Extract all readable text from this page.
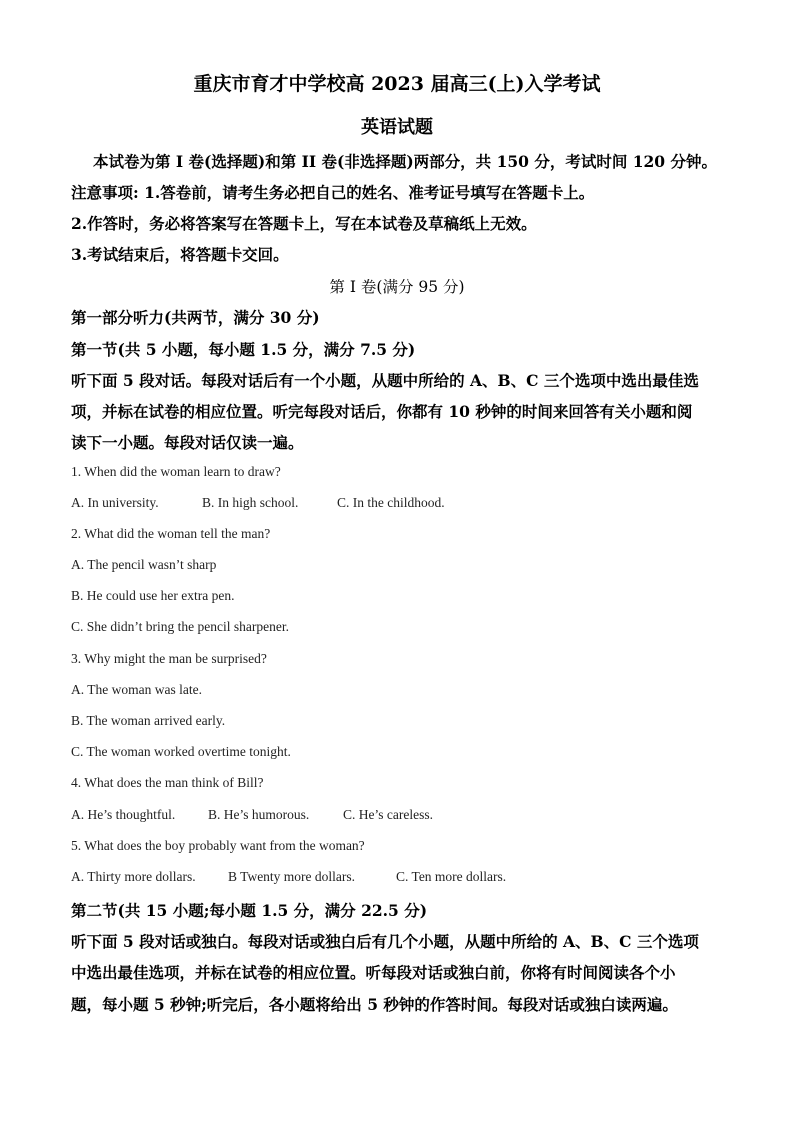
重庆市育才中学校高 2023 届高三(上)入学考试
英语试题
本试卷为第 I 卷(选择题)和第 II 卷(非选择题)两部分，共 150 分，考试时间 120 分钟。
注意事项: 1.答卷前，请考生务必把自己的姓名、准考证号填写在答题卡上。
2.作答时，务必将答案写在答题卡上，写在本试卷及草稿纸上无效。
3.考试结束后，将答题卡交回。
第 I 卷(满分 95 分)
第一部分听力(共两节，满分 30 分)
第一节(共 5 小题，每小题 1.5 分，满分 7.5 分)
听下面 5 段对话。每段对话后有一个小题，从题中所给的 A、B、C 三个选项中选出最佳选
项，并标在试卷的相应位置。听完每段对话后，你都有 10 秒钟的时间来回答有关小题和阅
读下一小题。每段对话仅读一遍。
1. When did the woman learn to draw?
A. In university.	B. In high school.	C. In the childhood.
2. What did the woman tell the man?
A. The pencil wasn’t sharp
B. He could use her extra pen.
C. She didn’t bring the pencil sharpener.
3. Why might the man be surprised?
A. The woman was late.
B. The woman arrived early.
C. The woman worked overtime tonight.
4. What does the man think of Bill?
A. He’s thoughtful. B. He’s humorous.	C. He’s careless.
5. What does the boy probably want from the woman?
A. Thirty more dollars. B Twenty more dollars.	C. Ten more dollars.
第二节(共 15 小题;每小题 1.5 分，满分 22.5 分)
听下面 5 段对话或独白。每段对话或独白后有几个小题，从题中所给的 A、B、C 三个选项
中选出最佳选项，并标在试卷的相应位置。听每段对话或独白前，你将有时间阅读各个小
题，每小题 5 秒钟;听完后，各小题将给出 5 秒钟的作答时间。每段对话或独白读两遍。
